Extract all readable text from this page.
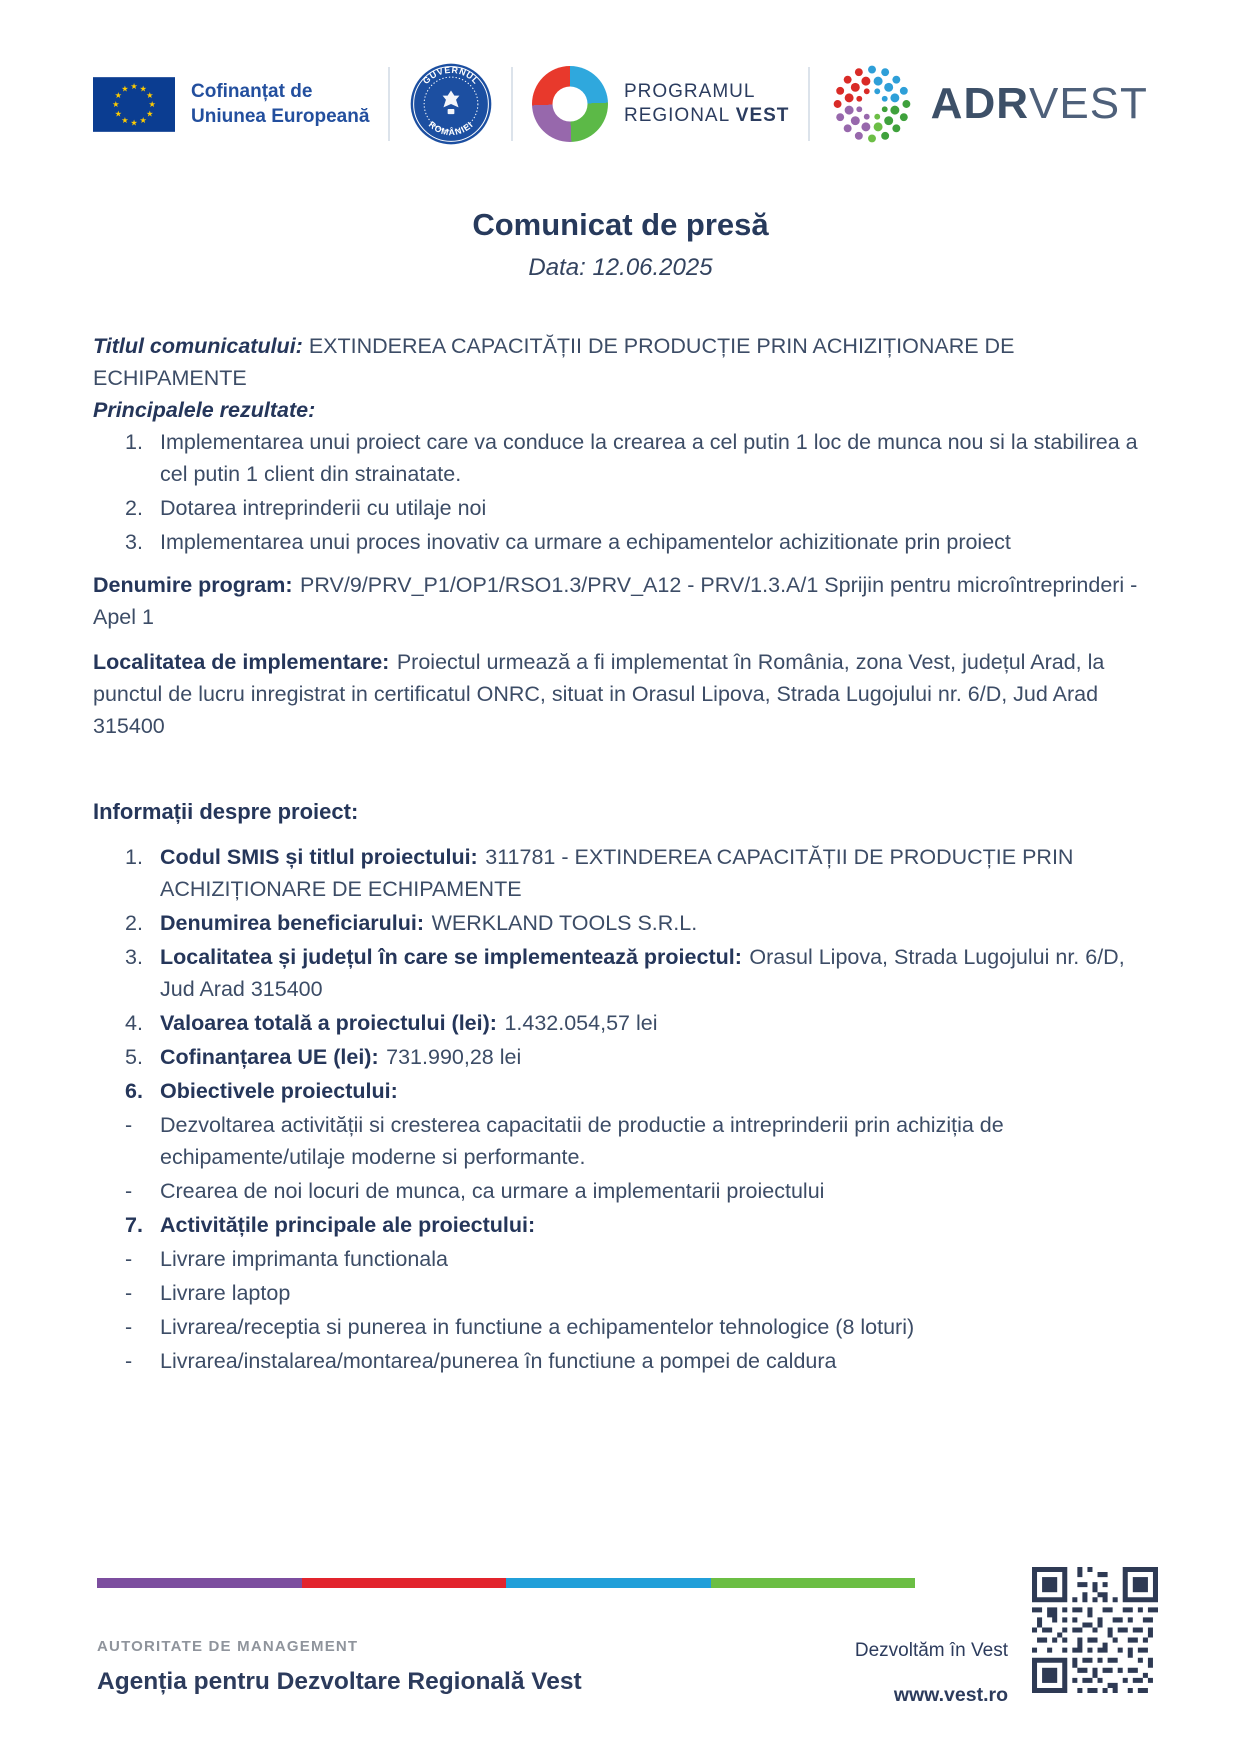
★ ★
★
★
★
★
★
★
★
★
★
★	Cofinanțat de
Uniunea Europeană
GUVERNUL
ROMÂNIEI
PROGRAMUL
REGIONAL VEST	ADRVEST
Comunicat de presă
Data: 12.06.2025

Titlul comunicatului: EXTINDEREA CAPACITĂȚII DE PRODUCȚIE PRIN ACHIZIȚIONARE DE ECHIPAMENTE

Principalele rezultate:

1. Implementarea unui proiect care va conduce la crearea a cel putin 1 loc de munca nou si la stabilirea a cel putin 1 client din strainatate.
2. Dotarea intreprinderii cu utilaje noi
3. Implementarea unui proces inovativ ca urmare a echipamentelor achizitionate prin proiect

Denumire program: PRV/9/PRV_P1/OP1/RSO1.3/PRV_A12 - PRV/1.3.A/1 Sprijin pentru microîntreprinderi - Apel 1

Localitatea de implementare: Proiectul urmează a fi implementat în România, zona Vest, județul Arad, la punctul de lucru inregistrat in certificatul ONRC, situat in Orasul Lipova, Strada Lugojului nr. 6/D, Jud Arad 315400

Informații despre proiect:
1. Codul SMIS și titlul proiectului: 311781 - EXTINDEREA CAPACITĂȚII DE PRODUCȚIE PRIN ACHIZIȚIONARE DE ECHIPAMENTE
2. Denumirea beneficiarului: WERKLAND TOOLS S.R.L.
3. Localitatea și județul în care se implementează proiectul: Orasul Lipova, Strada Lugojului nr. 6/D, Jud Arad 315400
4. Valoarea totală a proiectului (lei): 1.432.054,57 lei
5. Cofinanțarea UE (lei): 731.990,28 lei
6. Obiectivele proiectului:
-	Dezvoltarea activității si cresterea capacitatii de productie a intreprinderii prin achiziția de echipamente/utilaje moderne si performante.
-	Crearea de noi locuri de munca, ca urmare a implementarii proiectului
7. Activitățile principale ale proiectului:
-	Livrare imprimanta functionala
-	Livrare laptop
-	Livrarea/receptia si punerea in functiune a echipamentelor tehnologice (8 loturi)
-	Livrarea/instalarea/montarea/punerea în functiune a pompei de caldura
AUTORITATE DE MANAGEMENT
Agenția pentru Dezvoltare Regională Vest
Dezvoltăm în Vest
www.vest.ro
